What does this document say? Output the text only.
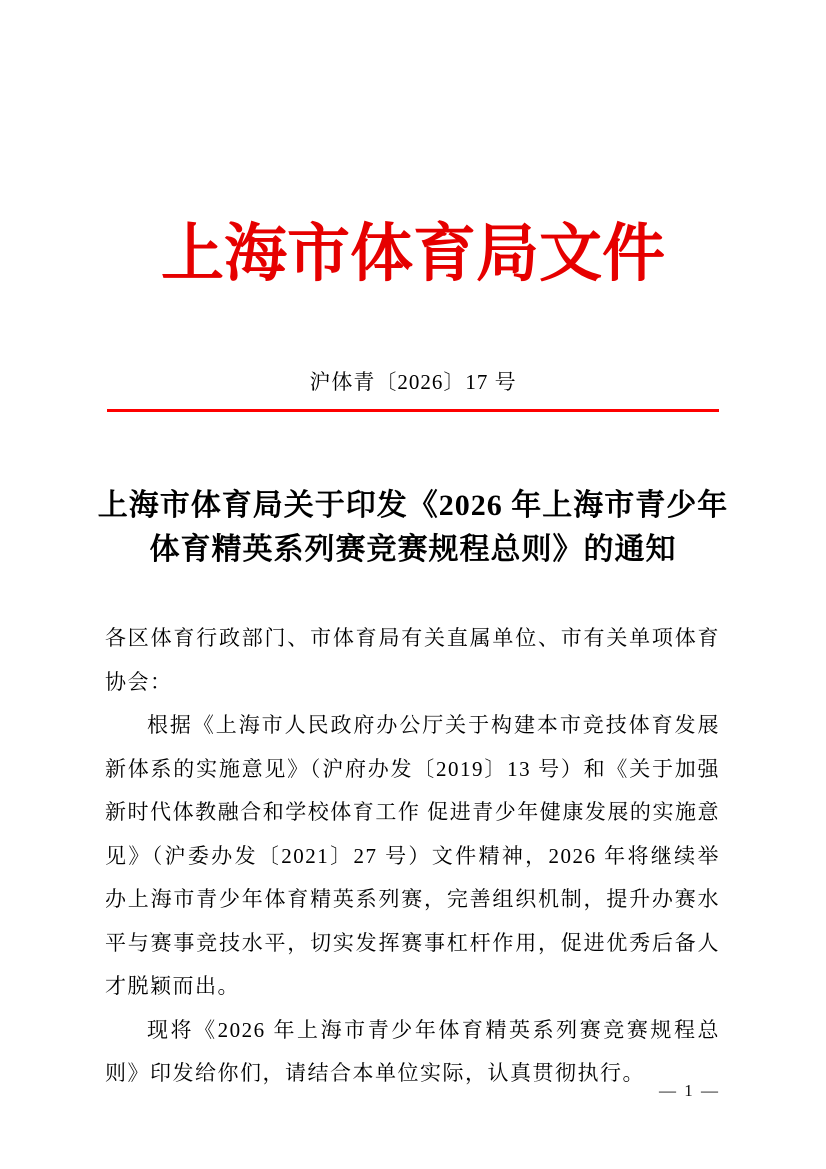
上海市体育局文件
沪体青〔2026〕17 号
上海市体育局关于印发《2026 年上海市青少年
体育精英系列赛竞赛规程总则》的通知

各区体育行政部门、市体育局有关直属单位、市有关单项体育协会：

根据《上海市人民政府办公厅关于构建本市竞技体育发展新体系的实施意见》（沪府办发〔2019〕13 号）和《关于加强新时代体教融合和学校体育工作 促进青少年健康发展的实施意见》（沪委办发〔2021〕27 号）文件精神，2026 年将继续举办上海市青少年体育精英系列赛，完善组织机制，提升办赛水平与赛事竞技水平，切实发挥赛事杠杆作用，促进优秀后备人才脱颖而出。

现将《2026 年上海市青少年体育精英系列赛竞赛规程总则》印发给你们，请结合本单位实际，认真贯彻执行。

— 1 —
